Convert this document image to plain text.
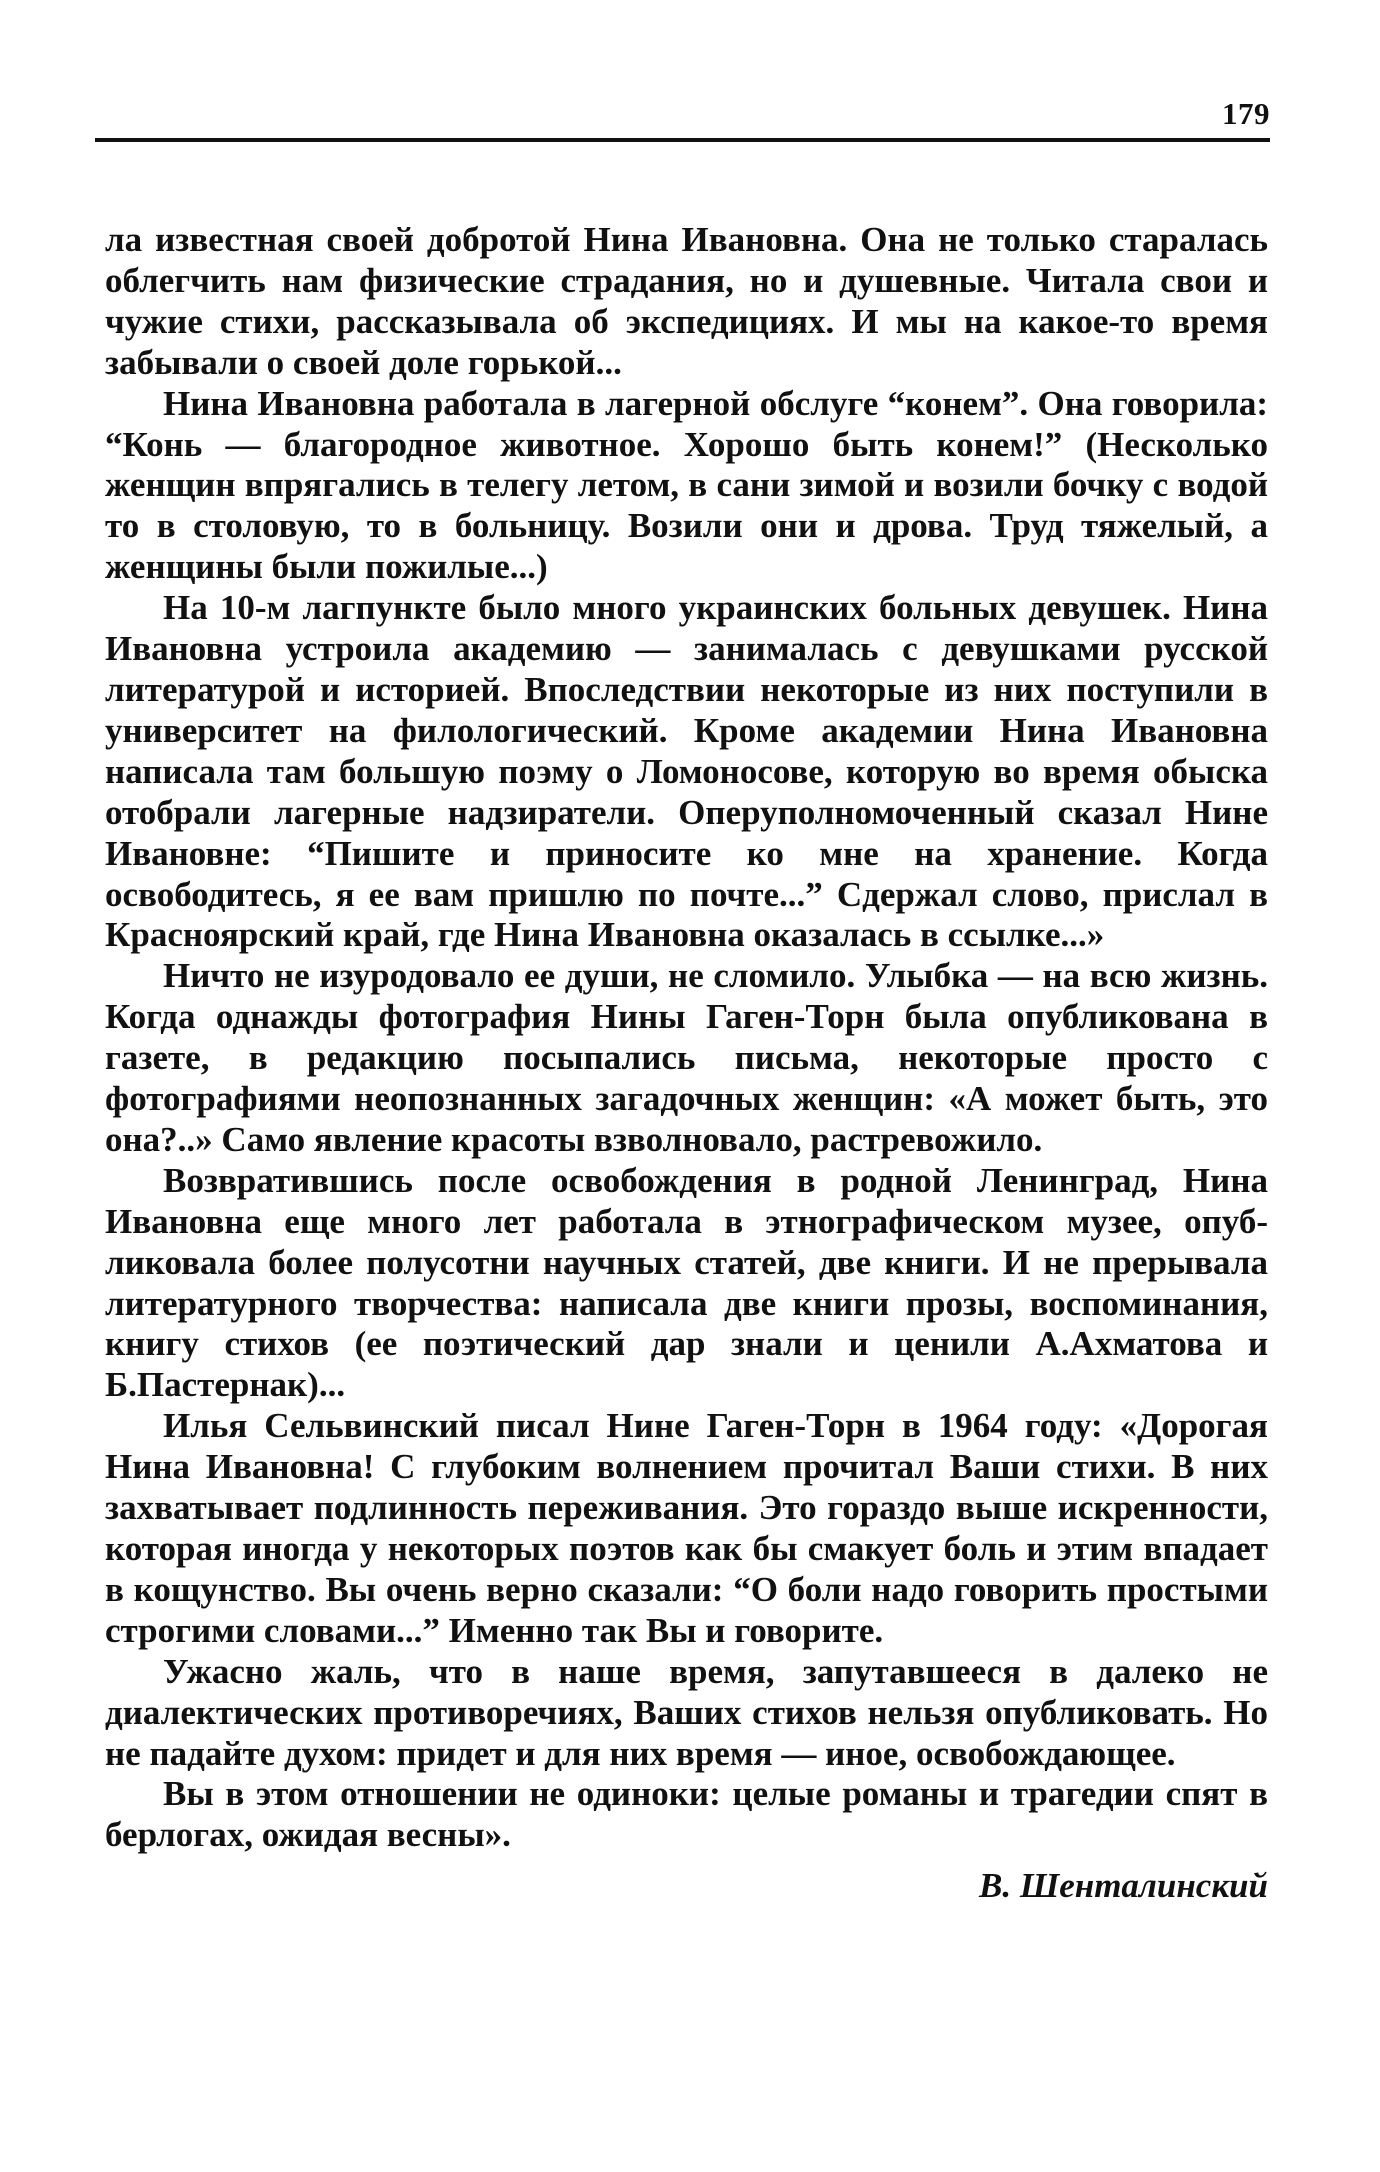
179

ла известная своей добротой Нина Ивановна. Она не только старалась облегчить нам физические страдания, но и душевные. Читала свои и чужие стихи, рассказывала об экспедициях. И мы на какое-то время забывали о своей доле горькой...

Нина Ивановна работала в лагерной обслуге “конем”. Она говорила: “Конь — благородное животное. Хорошо быть конем!” (Несколько женщин впрягались в телегу летом, в сани зимой и возили бочку с водой то в столовую, то в больницу. Возили они и дрова. Труд тяжелый, а женщины были пожилые...)

На 10-м лагпункте было много украинских больных девушек. Нина Ивановна устроила академию — занималась с девушками русской литературой и историей. Впоследствии некоторые из них поступили в университет на филологический. Кроме академии Нина Ивановна написала там большую поэму о Ломоносове, которую во время обыска отобрали лагерные надзиратели. Оперуполномоченный сказал Нине Ивановне: “Пишите и приносите ко мне на хранение. Когда освободитесь, я ее вам пришлю по почте...” Сдержал слово, прислал в Красноярский край, где Нина Ивановна оказалась в ссылке...»

Ничто не изуродовало ее души, не сломило. Улыбка — на всю жизнь. Когда однажды фотография Нины Гаген-Торн была опубликована в газете, в редакцию посыпались письма, некоторые просто с фотографиями неопознанных загадочных женщин: «А может быть, это она?..» Само явление красоты взволновало, растревожило.

Возвратившись после освобождения в родной Ленинград, Нина Ивановна еще много лет работала в этнографическом музее, опубликовала более полусотни научных статей, две книги. И не прерывала литературного творчества: написала две книги прозы, воспоминания, книгу стихов (ее поэтический дар знали и ценили А.Ахматова и Б.Пастернак)...

Илья Сельвинский писал Нине Гаген-Торн в 1964 году: «Дорогая Нина Ивановна! С глубоким волнением прочитал Ваши стихи. В них захватывает подлинность переживания. Это гораздо выше искренности, которая иногда у некоторых поэтов как бы смакует боль и этим впадает в кощунство. Вы очень верно сказали: “О боли надо говорить простыми строгими словами...” Именно так Вы и говорите.

Ужасно жаль, что в наше время, запутавшееся в далеко не диалектических противоречиях, Ваших стихов нельзя опубликовать. Но не падайте духом: придет и для них время — иное, освобождающее.

Вы в этом отношении не одиноки: целые романы и трагедии спят в берлогах, ожидая весны».

В. Шенталинский
